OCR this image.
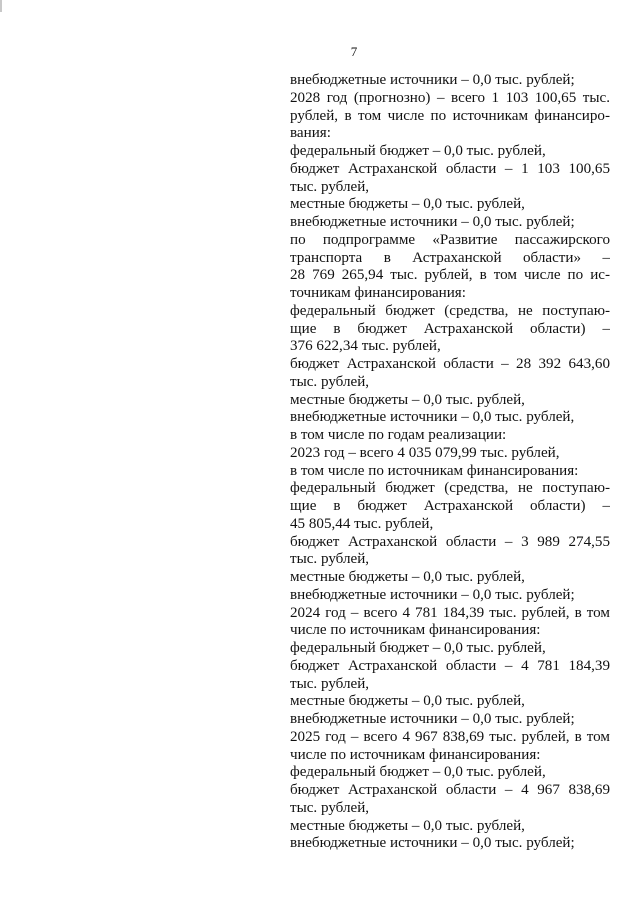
7
внебюджетные источники – 0,0 тыс. рублей;
2028 год (прогнозно) – всего 1 103 100,65 тыс.
рублей, в том числе по источникам финансиро-
вания:
федеральный бюджет – 0,0 тыс. рублей,
бюджет Астраханской области – 1 103 100,65
тыс. рублей,
местные бюджеты – 0,0 тыс. рублей,
внебюджетные источники – 0,0 тыс. рублей;
по подпрограмме «Развитие пассажирского
транспорта в Астраханской области» –
28 769 265,94 тыс. рублей, в том числе по ис-
точникам финансирования:
федеральный бюджет (средства, не поступаю-
щие в бюджет Астраханской области) –
376 622,34 тыс. рублей,
бюджет Астраханской области – 28 392 643,60
тыс. рублей,
местные бюджеты – 0,0 тыс. рублей,
внебюджетные источники – 0,0 тыс. рублей,
в том числе по годам реализации:
2023 год – всего 4 035 079,99 тыс. рублей,
в том числе по источникам финансирования:
федеральный бюджет (средства, не поступаю-
щие в бюджет Астраханской области) –
45 805,44 тыс. рублей,
бюджет Астраханской области – 3 989 274,55
тыс. рублей,
местные бюджеты – 0,0 тыс. рублей,
внебюджетные источники – 0,0 тыс. рублей;
2024 год – всего 4 781 184,39 тыс. рублей, в том
числе по источникам финансирования:
федеральный бюджет – 0,0 тыс. рублей,
бюджет Астраханской области – 4 781 184,39
тыс. рублей,
местные бюджеты – 0,0 тыс. рублей,
внебюджетные источники – 0,0 тыс. рублей;
2025 год – всего 4 967 838,69 тыс. рублей, в том
числе по источникам финансирования:
федеральный бюджет – 0,0 тыс. рублей,
бюджет Астраханской области – 4 967 838,69
тыс. рублей,
местные бюджеты – 0,0 тыс. рублей,
внебюджетные источники – 0,0 тыс. рублей;
